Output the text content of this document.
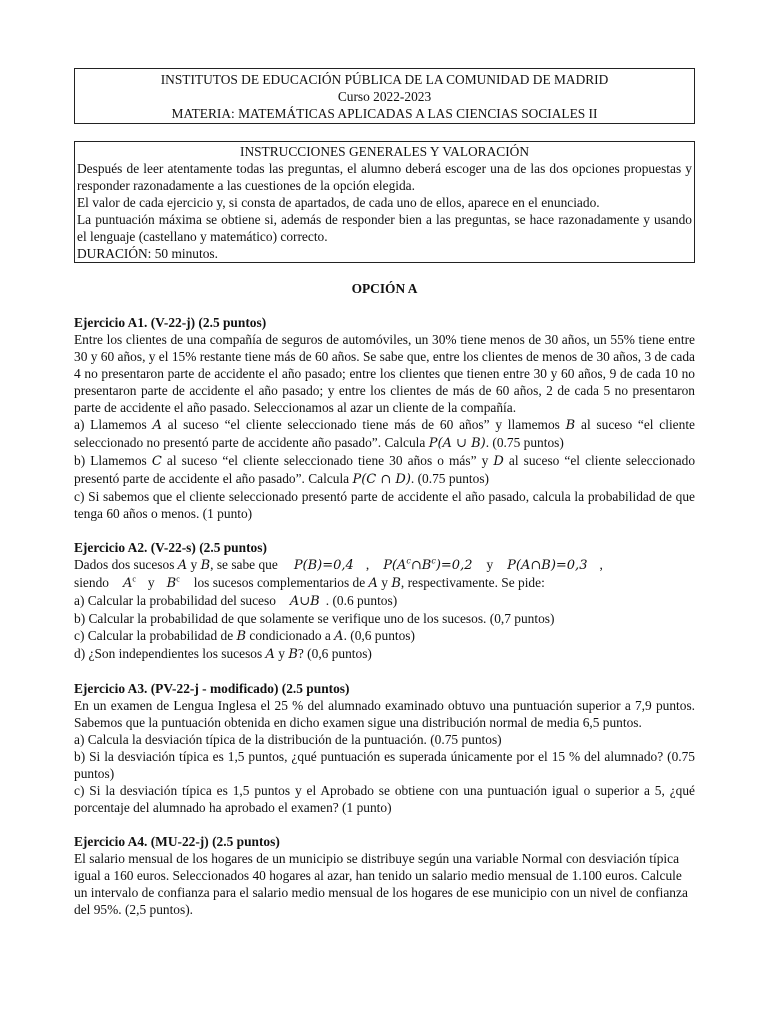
INSTITUTOS DE EDUCACIÓN PÚBLICA DE LA COMUNIDAD DE MADRID
Curso 2022-2023
MATERIA: MATEMÁTICAS APLICADAS A LAS CIENCIAS SOCIALES II
INSTRUCCIONES GENERALES Y VALORACIÓN
Después de leer atentamente todas las preguntas, el alumno deberá escoger una de las dos opciones propuestas y responder razonadamente a las cuestiones de la opción elegida.
El valor de cada ejercicio y, si consta de apartados, de cada uno de ellos, aparece en el enunciado.
La puntuación máxima se obtiene si, además de responder bien a las preguntas, se hace razonadamente y usando el lenguaje (castellano y matemático) correcto.
DURACIÓN: 50 minutos.
OPCIÓN A
Ejercicio A1. (V-22-j) (2.5 puntos)

Entre los clientes de una compañía de seguros de automóviles, un 30% tiene menos de 30 años, un 55% tiene entre 30 y 60 años, y el 15% restante tiene más de 60 años. Se sabe que, entre los clientes de menos de 30 años, 3 de cada 4 no presentaron parte de accidente el año pasado; entre los clientes que tienen entre 30 y 60 años, 9 de cada 10 no presentaron parte de accidente el año pasado; y entre los clientes de más de 60 años, 2 de cada 5 no presentaron parte de accidente el año pasado. Seleccionamos al azar un cliente de la compañía.

a) Llamemos A al suceso “el cliente seleccionado tiene más de 60 años” y llamemos B al suceso “el cliente seleccionado no presentó parte de accidente año pasado”. Calcula P(A ∪ B). (0.75 puntos)

b) Llamemos C al suceso “el cliente seleccionado tiene 30 años o más” y D al suceso “el cliente seleccionado presentó parte de accidente el año pasado”. Calcula P(C ∩ D). (0.75 puntos)

c) Si sabemos que el cliente seleccionado presentó parte de accidente el año pasado, calcula la probabilidad de que tenga 60 años o menos. (1 punto)

Ejercicio A2. (V-22-s) (2.5 puntos)

Dados dos sucesos A y B, se sabe que P(B)=0,4 , $P(A^c\cap B^c)=0,2$ y P(A∩B)=0,3 ,

siendo $A^c$ y $B^c$ los sucesos complementarios de A y B, respectivamente. Se pide:

a) Calcular la probabilidad del suceso A∪B . (0.6 puntos)

b) Calcular la probabilidad de que solamente se verifique uno de los sucesos. (0,7 puntos)

c) Calcular la probabilidad de B condicionado a A. (0,6 puntos)

d) ¿Son independientes los sucesos A y B? (0,6 puntos)

Ejercicio A3. (PV-22-j - modificado) (2.5 puntos)

En un examen de Lengua Inglesa el 25 % del alumnado examinado obtuvo una puntuación superior a 7,9 puntos. Sabemos que la puntuación obtenida en dicho examen sigue una distribución normal de media 6,5 puntos.

a) Calcula la desviación típica de la distribución de la puntuación. (0.75 puntos)

b) Si la desviación típica es 1,5 puntos, ¿qué puntuación es superada únicamente por el 15 % del alumnado? (0.75 puntos)

c) Si la desviación típica es 1,5 puntos y el Aprobado se obtiene con una puntuación igual o superior a 5, ¿qué porcentaje del alumnado ha aprobado el examen? (1 punto)

Ejercicio A4. (MU-22-j) (2.5 puntos)

El salario mensual de los hogares de un municipio se distribuye según una variable Normal con desviación típica igual a 160 euros. Seleccionados 40 hogares al azar, han tenido un salario medio mensual de 1.100 euros. Calcule un intervalo de confianza para el salario medio mensual de los hogares de ese municipio con un nivel de confianza del 95%. (2,5 puntos).
